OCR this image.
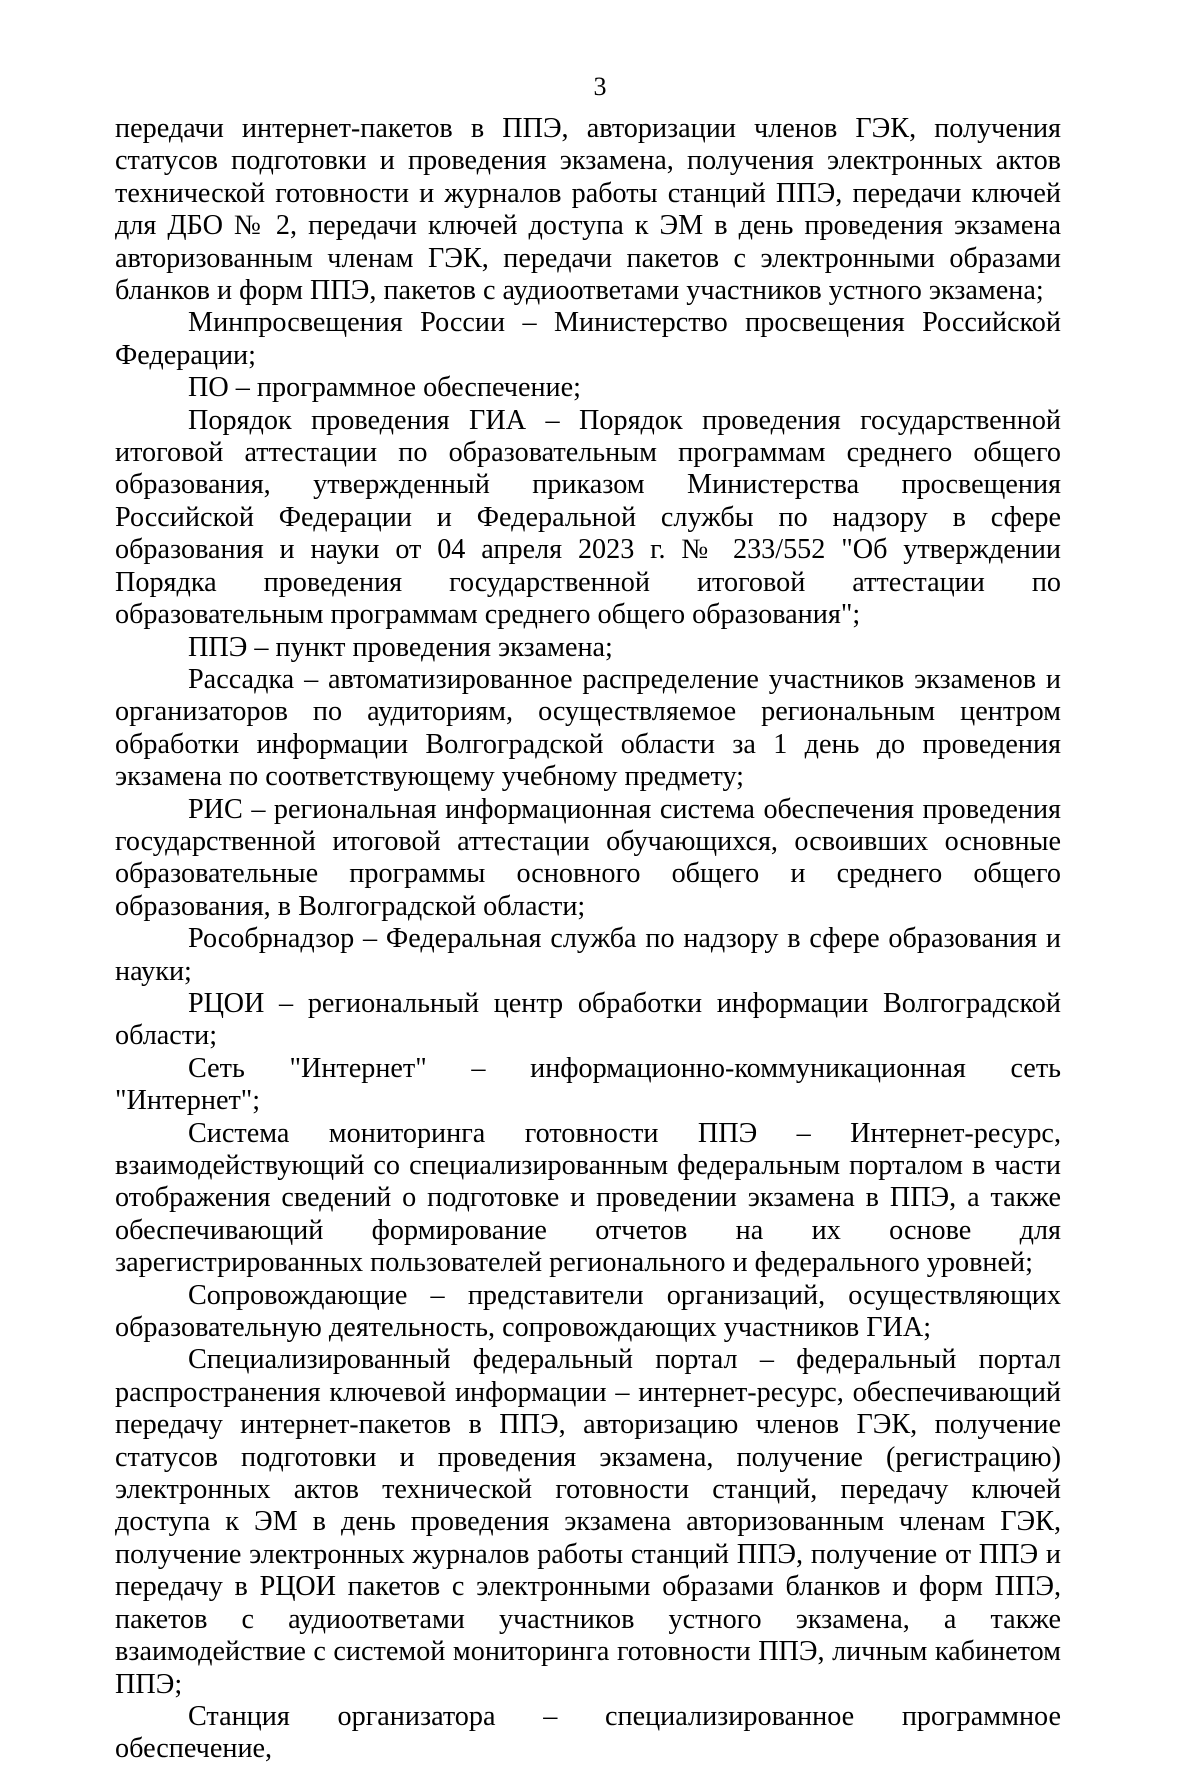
3

передачи интернет-пакетов в ППЭ, авторизации членов ГЭК, получения статусов подготовки и проведения экзамена, получения электронных актов технической готовности и журналов работы станций ППЭ, передачи ключей для ДБО № 2, передачи ключей доступа к ЭМ в день проведения экзамена авторизованным членам ГЭК, передачи пакетов с электронными образами бланков и форм ППЭ, пакетов с аудиоответами участников устного экзамена;

Минпросвещения России – Министерство просвещения Российской Федерации;

ПО – программное обеспечение;

Порядок проведения ГИА – Порядок проведения государственной итоговой аттестации по образовательным программам среднего общего образования, утвержденный приказом Министерства просвещения Российской Федерации и Федеральной службы по надзору в сфере образования и науки от 04 апреля 2023 г. № 233/552 "Об утверждении Порядка проведения государственной итоговой аттестации по образовательным программам среднего общего образования";

ППЭ – пункт проведения экзамена;

Рассадка – автоматизированное распределение участников экзаменов и организаторов по аудиториям, осуществляемое региональным центром обработки информации Волгоградской области за 1 день до проведения экзамена по соответствующему учебному предмету;

РИС – региональная информационная система обеспечения проведения государственной итоговой аттестации обучающихся, освоивших основные образовательные программы основного общего и среднего общего образования, в Волгоградской области;

Рособрнадзор – Федеральная служба по надзору в сфере образования и науки;

РЦОИ – региональный центр обработки информации Волгоградской области;

Сеть "Интернет" – информационно-коммуникационная сеть "Интернет";

Система мониторинга готовности ППЭ – Интернет-ресурс, взаимодействующий со специализированным федеральным порталом в части отображения сведений о подготовке и проведении экзамена в ППЭ, а также обеспечивающий формирование отчетов на их основе для зарегистрированных пользователей регионального и федерального уровней;

Сопровождающие – представители организаций, осуществляющих образовательную деятельность, сопровождающих участников ГИА;

Специализированный федеральный портал – федеральный портал распространения ключевой информации – интернет-ресурс, обеспечивающий передачу интернет-пакетов в ППЭ, авторизацию членов ГЭК, получение статусов подготовки и проведения экзамена, получение (регистрацию) электронных актов технической готовности станций, передачу ключей доступа к ЭМ в день проведения экзамена авторизованным членам ГЭК, получение электронных журналов работы станций ППЭ, получение от ППЭ и передачу в РЦОИ пакетов с электронными образами бланков и форм ППЭ, пакетов с аудиоответами участников устного экзамена, а также взаимодействие с системой мониторинга готовности ППЭ, личным кабинетом ППЭ;

Станция организатора – специализированное программное обеспечение,
